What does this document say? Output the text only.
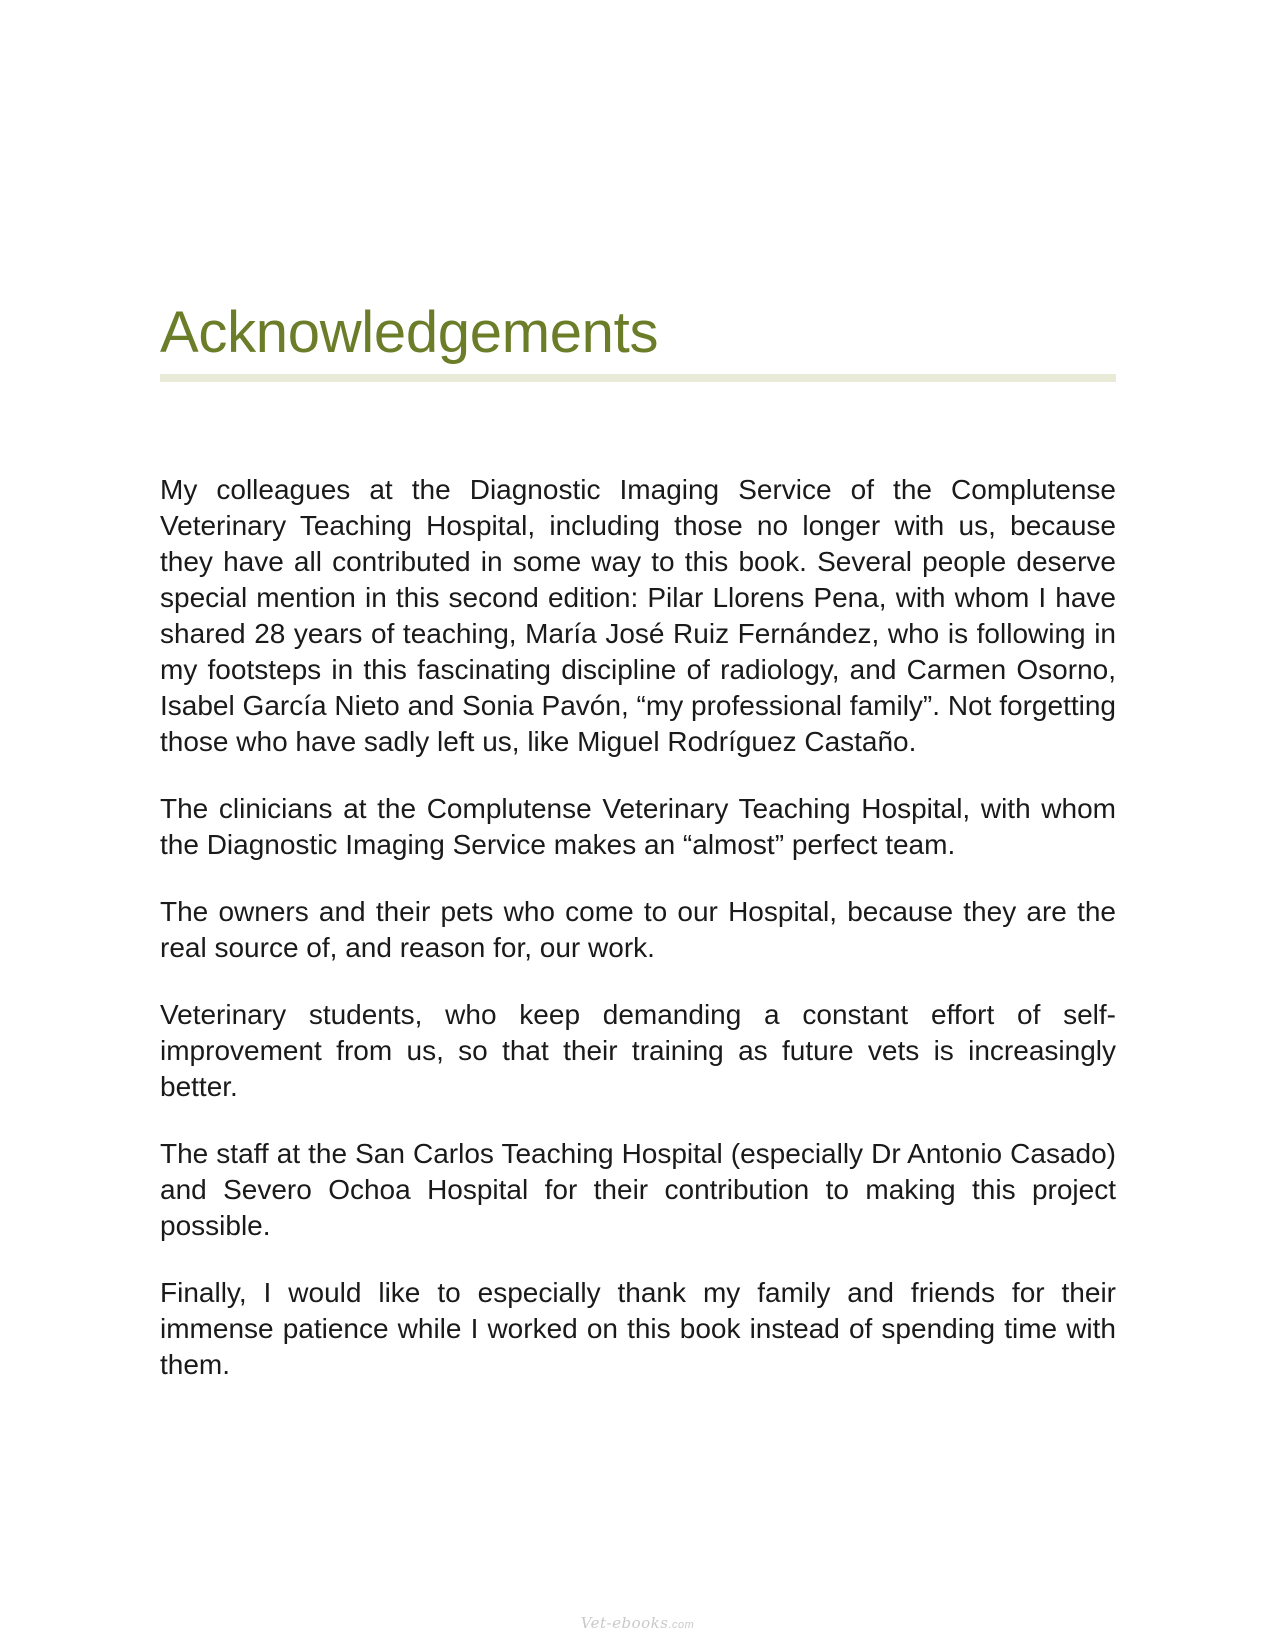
Acknowledgements

My colleagues at the Diagnostic Imaging Service of the Complutense Veterinary Teaching Hospital, including those no longer with us, because they have all contributed in some way to this book. Several people deserve special mention in this second edition: Pilar Llorens Pena, with whom I have shared 28 years of teaching, María José Ruiz Fernández, who is following in my footsteps in this fascinating discipline of radiology, and Carmen Osorno, Isabel García Nieto and Sonia Pavón, “my professional family”. Not forgetting those who have sadly left us, like Miguel Rodríguez Castaño.

The clinicians at the Complutense Veterinary Teaching Hospital, with whom the Diagnostic Imaging Service makes an “almost” perfect team.

The owners and their pets who come to our Hospital, because they are the real source of, and reason for, our work.

Veterinary students, who keep demanding a constant effort of self-improvement from us, so that their training as future vets is increasingly better.

The staff at the San Carlos Teaching Hospital (especially Dr Antonio Casado) and Severo Ochoa Hospital for their contribution to making this project possible.

Finally, I would like to especially thank my family and friends for their immense patience while I worked on this book instead of spending time with them.

Vet-ebooks.com
